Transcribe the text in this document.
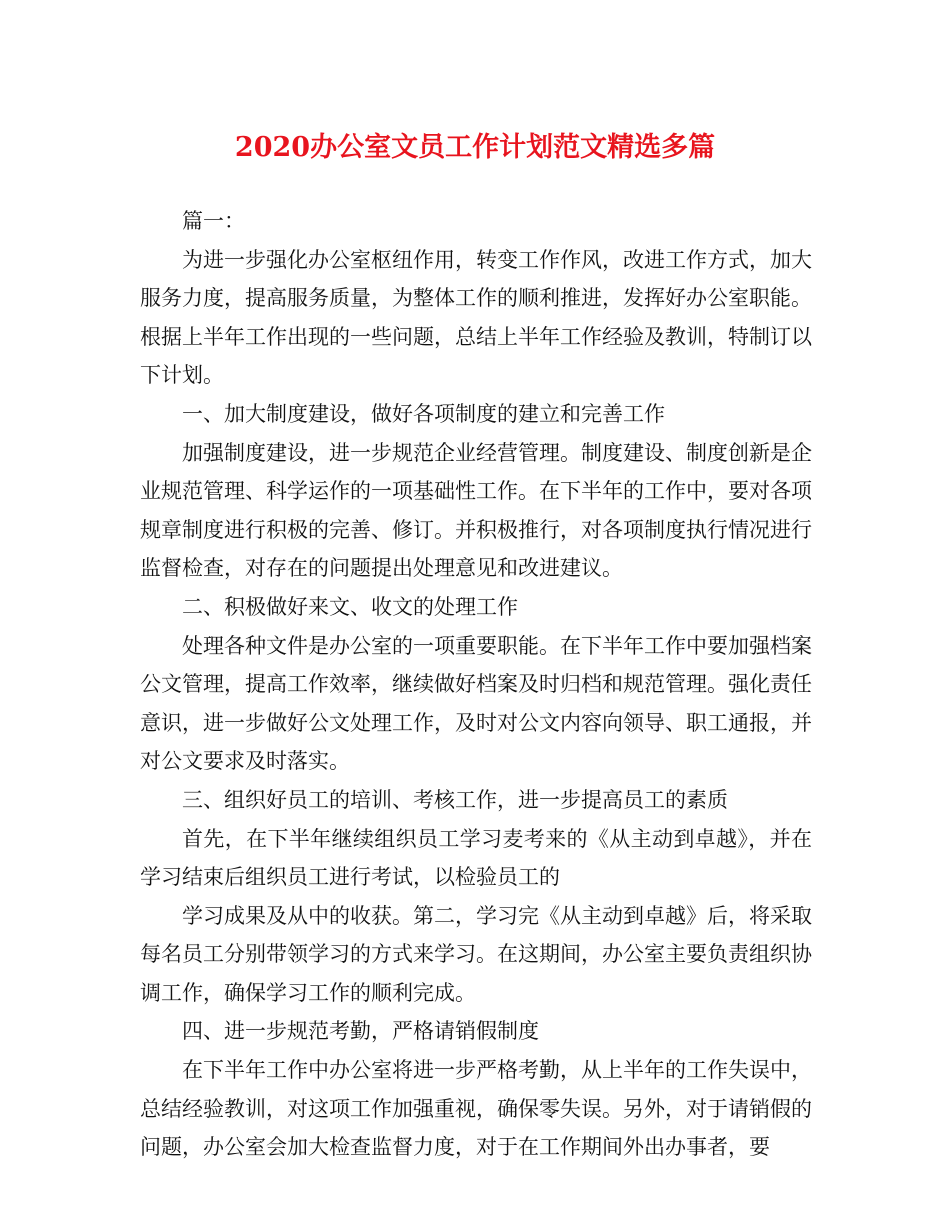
2020办公室文员工作计划范文精选多篇

篇一：

为进一步强化办公室枢纽作用，转变工作作风，改进工作方式，加大服务力度，提高服务质量，为整体工作的顺利推进，发挥好办公室职能。根据上半年工作出现的一些问题，总结上半年工作经验及教训，特制订以下计划。

一、加大制度建设，做好各项制度的建立和完善工作

加强制度建设，进一步规范企业经营管理。制度建设、制度创新是企业规范管理、科学运作的一项基础性工作。在下半年的工作中，要对各项规章制度进行积极的完善、修订。并积极推行，对各项制度执行情况进行监督检查，对存在的问题提出处理意见和改进建议。

二、积极做好来文、收文的处理工作

处理各种文件是办公室的一项重要职能。在下半年工作中要加强档案公文管理，提高工作效率，继续做好档案及时归档和规范管理。强化责任意识，进一步做好公文处理工作，及时对公文内容向领导、职工通报，并对公文要求及时落实。

三、组织好员工的培训、考核工作，进一步提高员工的素质

首先，在下半年继续组织员工学习麦考来的《从主动到卓越》，并在学习结束后组织员工进行考试，以检验员工的

学习成果及从中的收获。第二，学习完《从主动到卓越》后，将采取每名员工分别带领学习的方式来学习。在这期间，办公室主要负责组织协调工作，确保学习工作的顺利完成。

四、进一步规范考勤，严格请销假制度

在下半年工作中办公室将进一步严格考勤，从上半年的工作失误中，总结经验教训，对这项工作加强重视，确保零失误。另外，对于请销假的问题，办公室会加大检查监督力度，对于在工作期间外出办事者，要
